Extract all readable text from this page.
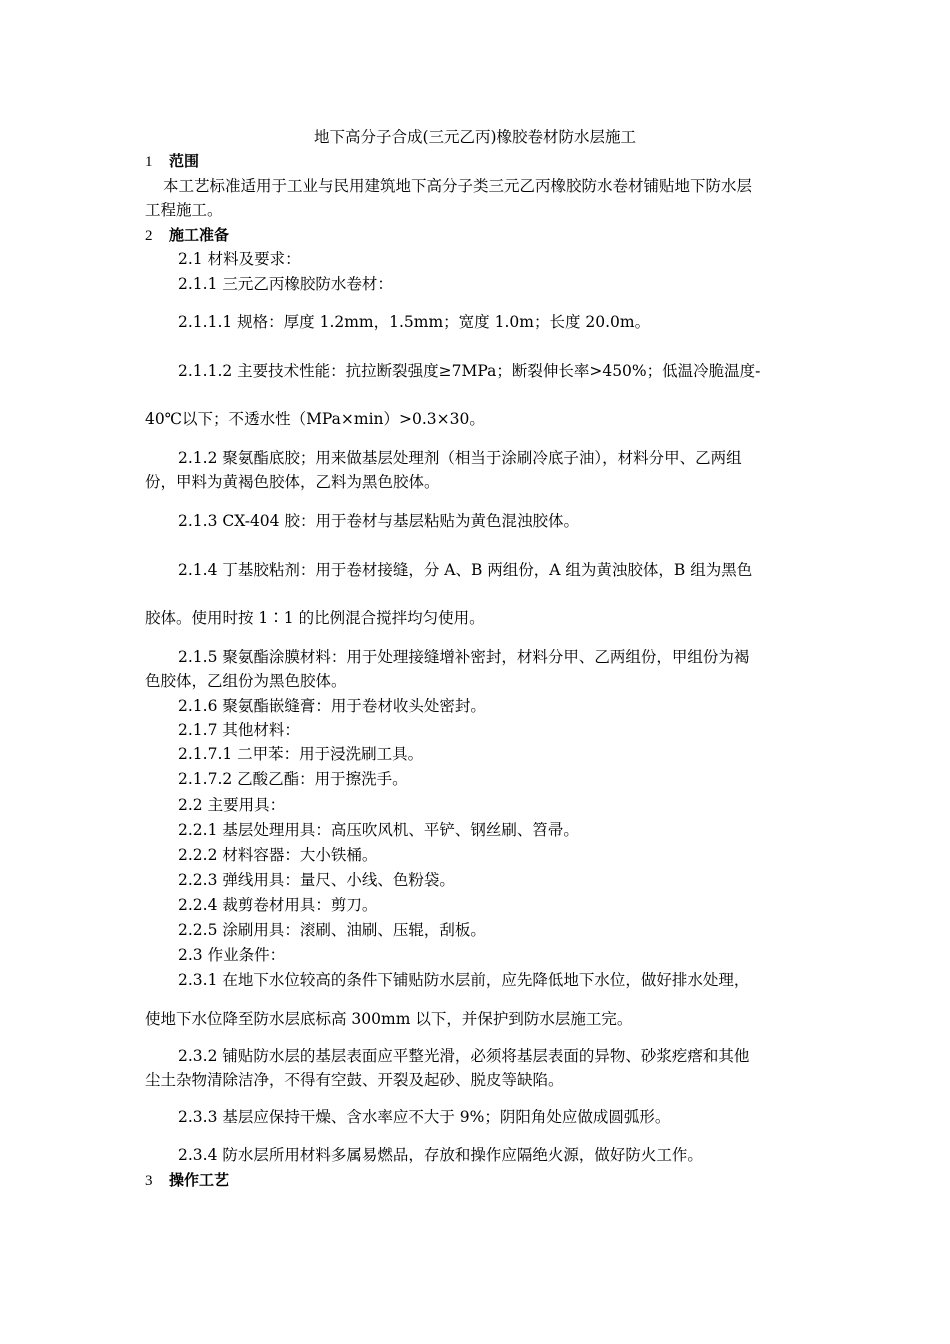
地下高分子合成(三元乙丙)橡胶卷材防水层施工
1 范围
本工艺标准适用于工业与民用建筑地下高分子类三元乙丙橡胶防水卷材铺贴地下防水层
工程施工。
2 施工准备
2.1 材料及要求：
2.1.1 三元乙丙橡胶防水卷材：
2.1.1.1 规格：厚度 1.2mm，1.5mm；宽度 1.0m；长度 20.0m。
2.1.1.2 主要技术性能：抗拉断裂强度≥7MPa；断裂伸长率>450%；低温冷脆温度-
40℃以下；不透水性（MPa×min）>0.3×30。
2.1.2 聚氨酯底胶；用来做基层处理剂（相当于涂刷冷底子油），材料分甲、乙两组
份，甲料为黄褐色胶体，乙料为黑色胶体。
2.1.3 CX-404 胶：用于卷材与基层粘贴为黄色混浊胶体。
2.1.4 丁基胶粘剂：用于卷材接缝，分 A、B 两组份，A 组为黄浊胶体，B 组为黑色
胶体。使用时按 1∶1 的比例混合搅拌均匀使用。
2.1.5 聚氨酯涂膜材料：用于处理接缝增补密封，材料分甲、乙两组份，甲组份为褐
色胶体，乙组份为黑色胶体。
2.1.6 聚氨酯嵌缝膏：用于卷材收头处密封。
2.1.7 其他材料：
2.1.7.1 二甲苯：用于浸洗刷工具。
2.1.7.2 乙酸乙酯：用于擦洗手。
2.2 主要用具：
2.2.1 基层处理用具：高压吹风机、平铲、钢丝刷、笤帚。
2.2.2 材料容器：大小铁桶。
2.2.3 弹线用具：量尺、小线、色粉袋。
2.2.4 裁剪卷材用具：剪刀。
2.2.5 涂刷用具：滚刷、油刷、压辊，刮板。
2.3 作业条件：
2.3.1 在地下水位较高的条件下铺贴防水层前，应先降低地下水位，做好排水处理，
使地下水位降至防水层底标高 300mm 以下，并保护到防水层施工完。
2.3.2 铺贴防水层的基层表面应平整光滑，必须将基层表面的异物、砂浆疙瘩和其他
尘土杂物清除洁净，不得有空鼓、开裂及起砂、脱皮等缺陷。
2.3.3 基层应保持干燥、含水率应不大于 9%；阴阳角处应做成圆弧形。
2.3.4 防水层所用材料多属易燃品，存放和操作应隔绝火源，做好防火工作。
3 操作工艺
